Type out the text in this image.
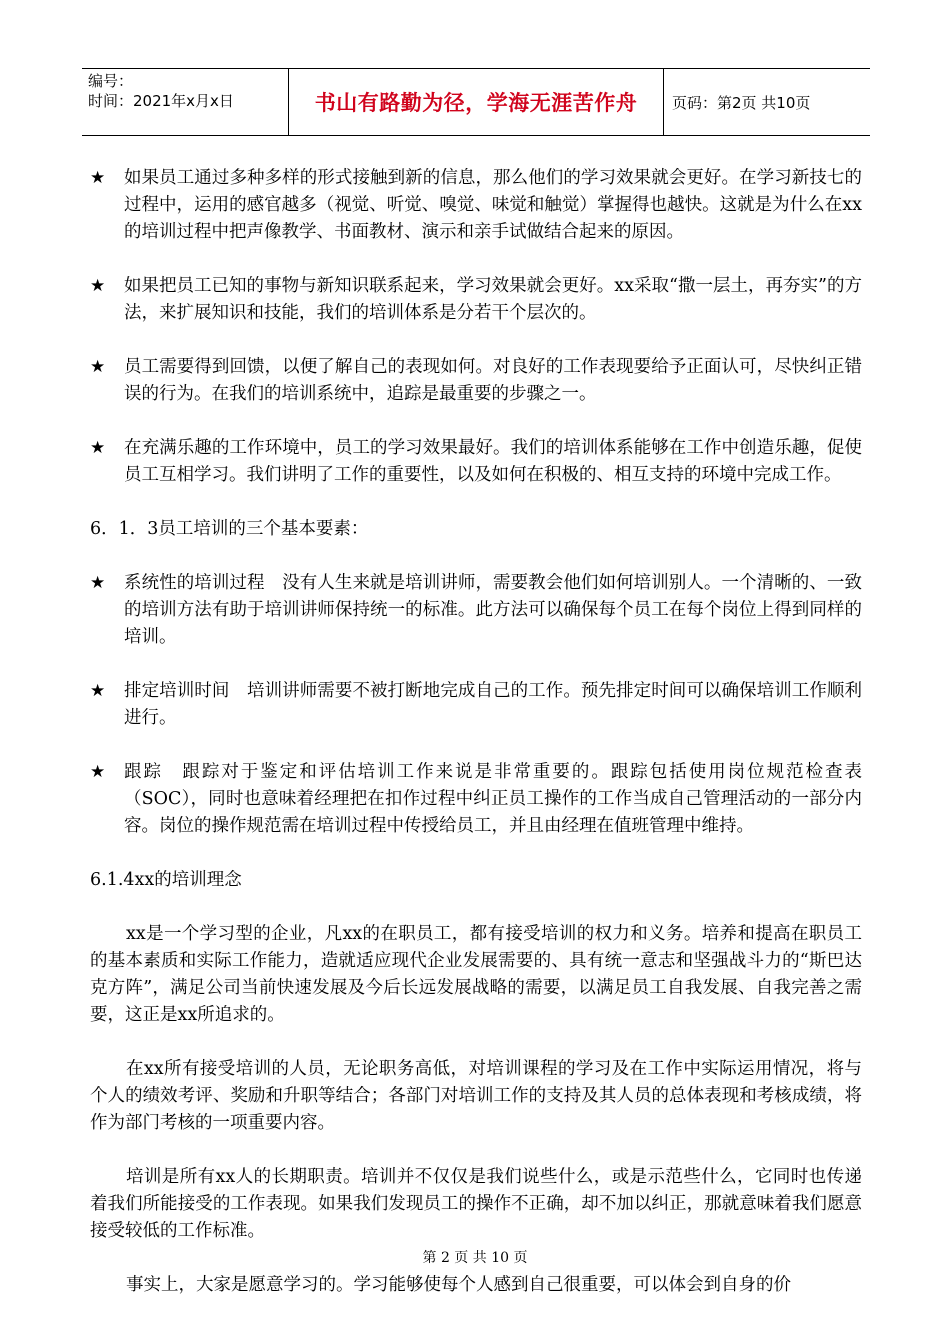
编号：
时间：2021年x月x日	书山有路勤为径，学海无涯苦作舟	页码：第2页 共10页
★ 如果员工通过多种多样的形式接触到新的信息，那么他们的学习效果就会更好。在学习新技七的过程中，运用的感官越多（视觉、听觉、嗅觉、味觉和触觉）掌握得也越快。这就是为什么在xx的培训过程中把声像教学、书面教材、演示和亲手试做结合起来的原因。
★ 如果把员工已知的事物与新知识联系起来，学习效果就会更好。xx采取“撒一层土，再夯实”的方法，来扩展知识和技能，我们的培训体系是分若干个层次的。
★ 员工需要得到回馈，以便了解自己的表现如何。对良好的工作表现要给予正面认可，尽快纠正错误的行为。在我们的培训系统中，追踪是最重要的步骤之一。
★ 在充满乐趣的工作环境中，员工的学习效果最好。我们的培训体系能够在工作中创造乐趣，促使员工互相学习。我们讲明了工作的重要性，以及如何在积极的、相互支持的环境中完成工作。
6．1．3员工培训的三个基本要素：
★ 系统性的培训过程　没有人生来就是培训讲师，需要教会他们如何培训别人。一个清晰的、一致的培训方法有助于培训讲师保持统一的标准。此方法可以确保每个员工在每个岗位上得到同样的培训。
★ 排定培训时间　培训讲师需要不被打断地完成自己的工作。预先排定时间可以确保培训工作顺利进行。
★ 跟踪　跟踪对于鉴定和评估培训工作来说是非常重要的。跟踪包括使用岗位规范检查表（SOC），同时也意味着经理把在扣作过程中纠正员工操作的工作当成自己管理活动的一部分内容。岗位的操作规范需在培训过程中传授给员工，并且由经理在值班管理中维持。
6.1.4xx的培训理念

xx是一个学习型的企业，凡xx的在职员工，都有接受培训的权力和义务。培养和提高在职员工的基本素质和实际工作能力，造就适应现代企业发展需要的、具有统一意志和坚强战斗力的“斯巴达克方阵”，满足公司当前快速发展及今后长远发展战略的需要，以满足员工自我发展、自我完善之需要，这正是xx所追求的。

在xx所有接受培训的人员，无论职务高低，对培训课程的学习及在工作中实际运用情况，将与个人的绩效考评、奖励和升职等结合；各部门对培训工作的支持及其人员的总体表现和考核成绩，将作为部门考核的一项重要内容。

培训是所有xx人的长期职责。培训并不仅仅是我们说些什么，或是示范些什么，它同时也传递着我们所能接受的工作表现。如果我们发现员工的操作不正确，却不加以纠正，那就意味着我们愿意接受较低的工作标准。

事实上，大家是愿意学习的。学习能够使每个人感到自己很重要，可以体会到自身的价

第 2 页 共 10 页
